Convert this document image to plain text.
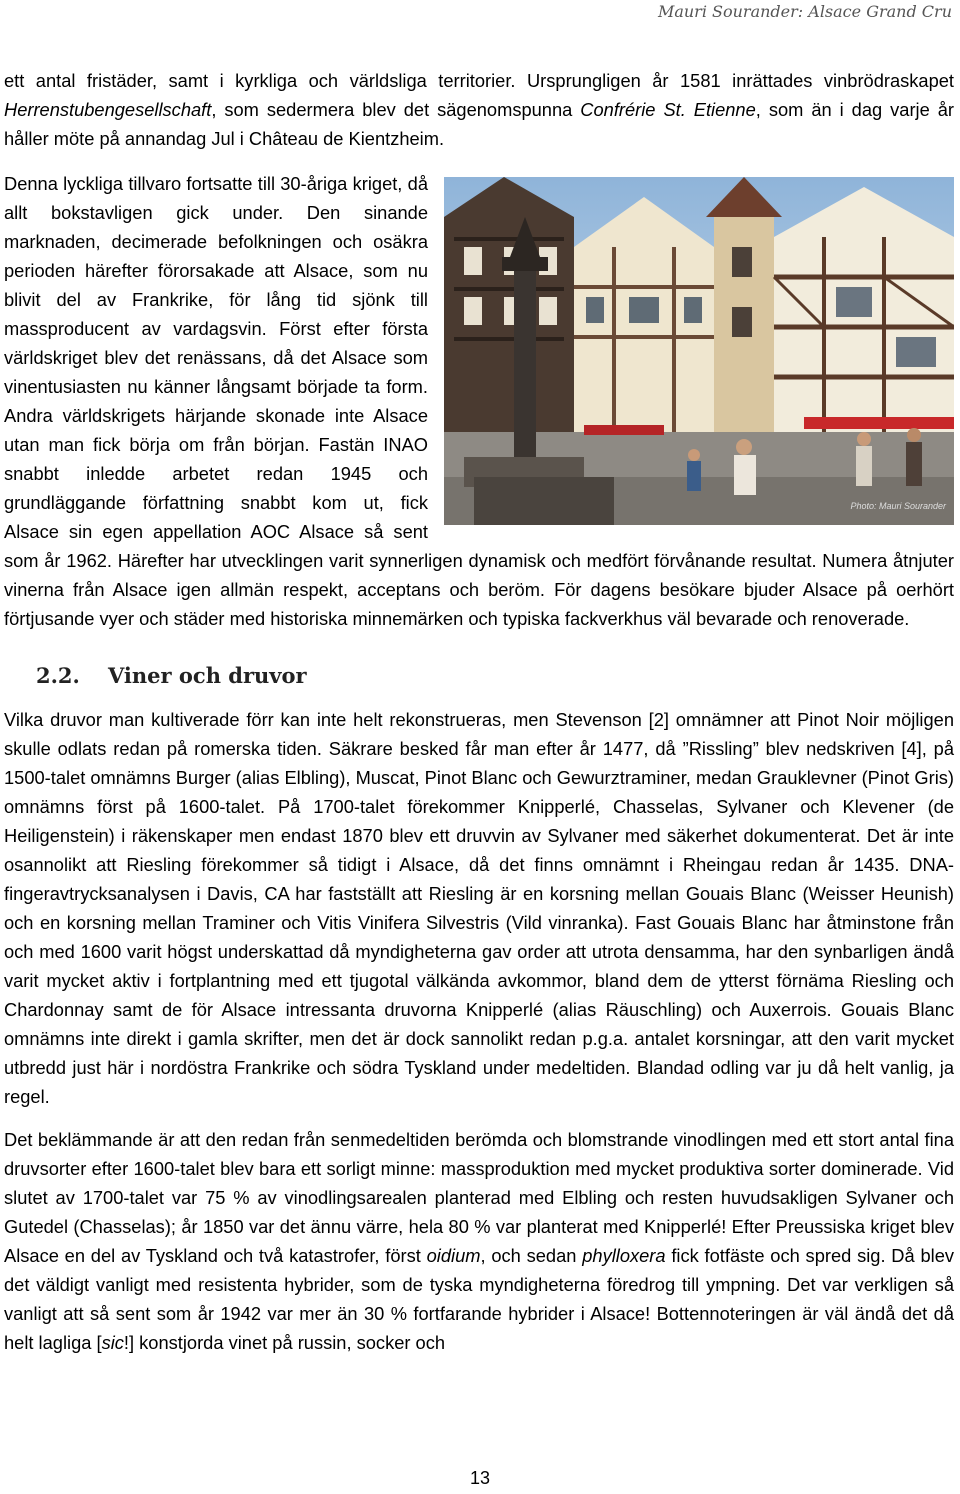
Mauri Sourander: Alsace Grand Cru

ett antal fristäder, samt i kyrkliga och världsliga territorier. Ursprungligen år 1581 inrättades vinbrödraskapet Herrenstubengesellschaft, som sedermera blev det sägenomspunna Confrérie St. Etienne, som än i dag varje år håller möte på annandag Jul i Château de Kientzheim.

Photo: Mauri Sourander
Denna lyckliga tillvaro fortsatte till 30-åriga kriget, då allt bokstavligen gick under. Den sinande marknaden, decimerade befolkningen och osäkra perioden härefter förorsakade att Alsace, som nu blivit del av Frankrike, för lång tid sjönk till massproducent av vardagsvin. Först efter första världskriget blev det renässans, då det Alsace som vinentusiasten nu känner långsamt började ta form. Andra världskrigets härjande skonade inte Alsace utan man fick börja om från början. Fastän INAO snabbt inledde arbetet redan 1945 och grundläggande författning snabbt kom ut, fick Alsace sin egen appellation AOC Alsace så sent som år 1962. Härefter har utvecklingen varit synnerligen dynamisk och medfört förvånande resultat. Numera åtnjuter vinerna från Alsace igen allmän respekt, acceptans och beröm. För dagens besökare bjuder Alsace på oerhört förtjusande vyer och städer med historiska minnemärken och typiska fackverkhus väl bevarade och renoverade.

2.2. Viner och druvor

Vilka druvor man kultiverade förr kan inte helt rekonstrueras, men Stevenson [2] omnämner att Pinot Noir möjligen skulle odlats redan på romerska tiden. Säkrare besked får man efter år 1477, då ”Rissling” blev nedskriven [4], på 1500-talet omnämns Burger (alias Elbling), Muscat, Pinot Blanc och Gewurztraminer, medan Grauklevner (Pinot Gris) omnämns först på 1600-talet. På 1700-talet förekommer Knipperlé, Chasselas, Sylvaner och Klevener (de Heiligenstein) i räkenskaper men endast 1870 blev ett druvvin av Sylvaner med säkerhet dokumenterat. Det är inte osannolikt att Riesling förekommer så tidigt i Alsace, då det finns omnämnt i Rheingau redan år 1435. DNA-fingeravtrycksanalysen i Davis, CA har fastställt att Riesling är en korsning mellan Gouais Blanc (Weisser Heunish) och en korsning mellan Traminer och Vitis Vinifera Silvestris (Vild vinranka). Fast Gouais Blanc har åtminstone från och med 1600 varit högst underskattad då myndigheterna gav order att utrota densamma, har den synbarligen ändå varit mycket aktiv i fortplantning med ett tjugotal välkända avkommor, bland dem de ytterst förnäma Riesling och Chardonnay samt de för Alsace intressanta druvorna Knipperlé (alias Räuschling) och Auxerrois. Gouais Blanc omnämns inte direkt i gamla skrifter, men det är dock sannolikt redan p.g.a. antalet korsningar, att den varit mycket utbredd just här i nordöstra Frankrike och södra Tyskland under medeltiden. Blandad odling var ju då helt vanlig, ja regel.

Det beklämmande är att den redan från senmedeltiden berömda och blomstrande vinodlingen med ett stort antal fina druvsorter efter 1600-talet blev bara ett sorligt minne: massproduktion med mycket produktiva sorter dominerade. Vid slutet av 1700-talet var 75 % av vinodlingsarealen planterad med Elbling och resten huvudsakligen Sylvaner och Gutedel (Chasselas); år 1850 var det ännu värre, hela 80 % var planterat med Knipperlé! Efter Preussiska kriget blev Alsace en del av Tyskland och två katastrofer, först oidium, och sedan phylloxera fick fotfäste och spred sig. Då blev det väldigt vanligt med resistenta hybrider, som de tyska myndigheterna föredrog till ympning. Det var verkligen så vanligt att så sent som år 1942 var mer än 30 % fortfarande hybrider i Alsace! Bottennoteringen är väl ändå det då helt lagliga [sic!] konstjorda vinet på russin, socker och

13
